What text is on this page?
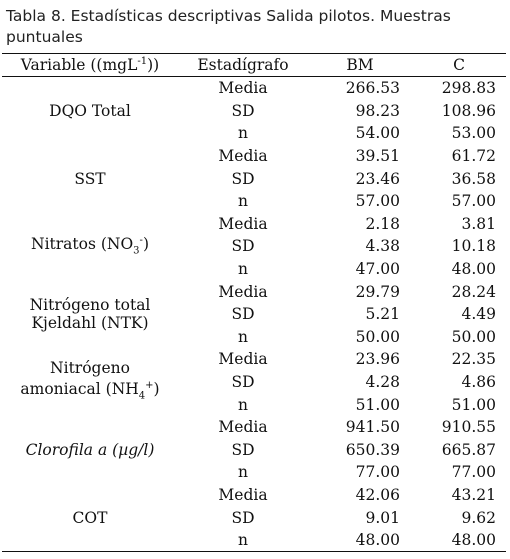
Tabla 8. Estadísticas descriptivas Salida pilotos. Muestras
puntuales
Variable ((mgL$^{-1}$))	Estadígrafo	BM	C
DQO Total	Media	266.53	298.83
	SD	98.23	108.96
	n	54.00	53.00
SST	Media	39.51	61.72
	SD	23.46	36.58
	n	57.00	57.00
Nitratos $(NO_3^-)$	Media	2.18	3.81
	SD	4.38	10.18
	n	47.00	48.00

Nitrógeno total
Kjeldahl (NTK)	Media	29.79	28.24
	SD	5.21	4.49
	n	50.00	50.00

Nitrógeno
amoniacal $(NH_4^+)$	Media	23.96	22.35
	SD	4.28	4.86
	n	51.00	51.00
Clorofila a (µg/l)	Media	941.50	910.55
	SD	650.39	665.87
	n	77.00	77.00
COT	Media	42.06	43.21
	SD	9.01	9.62
	n	48.00	48.00
